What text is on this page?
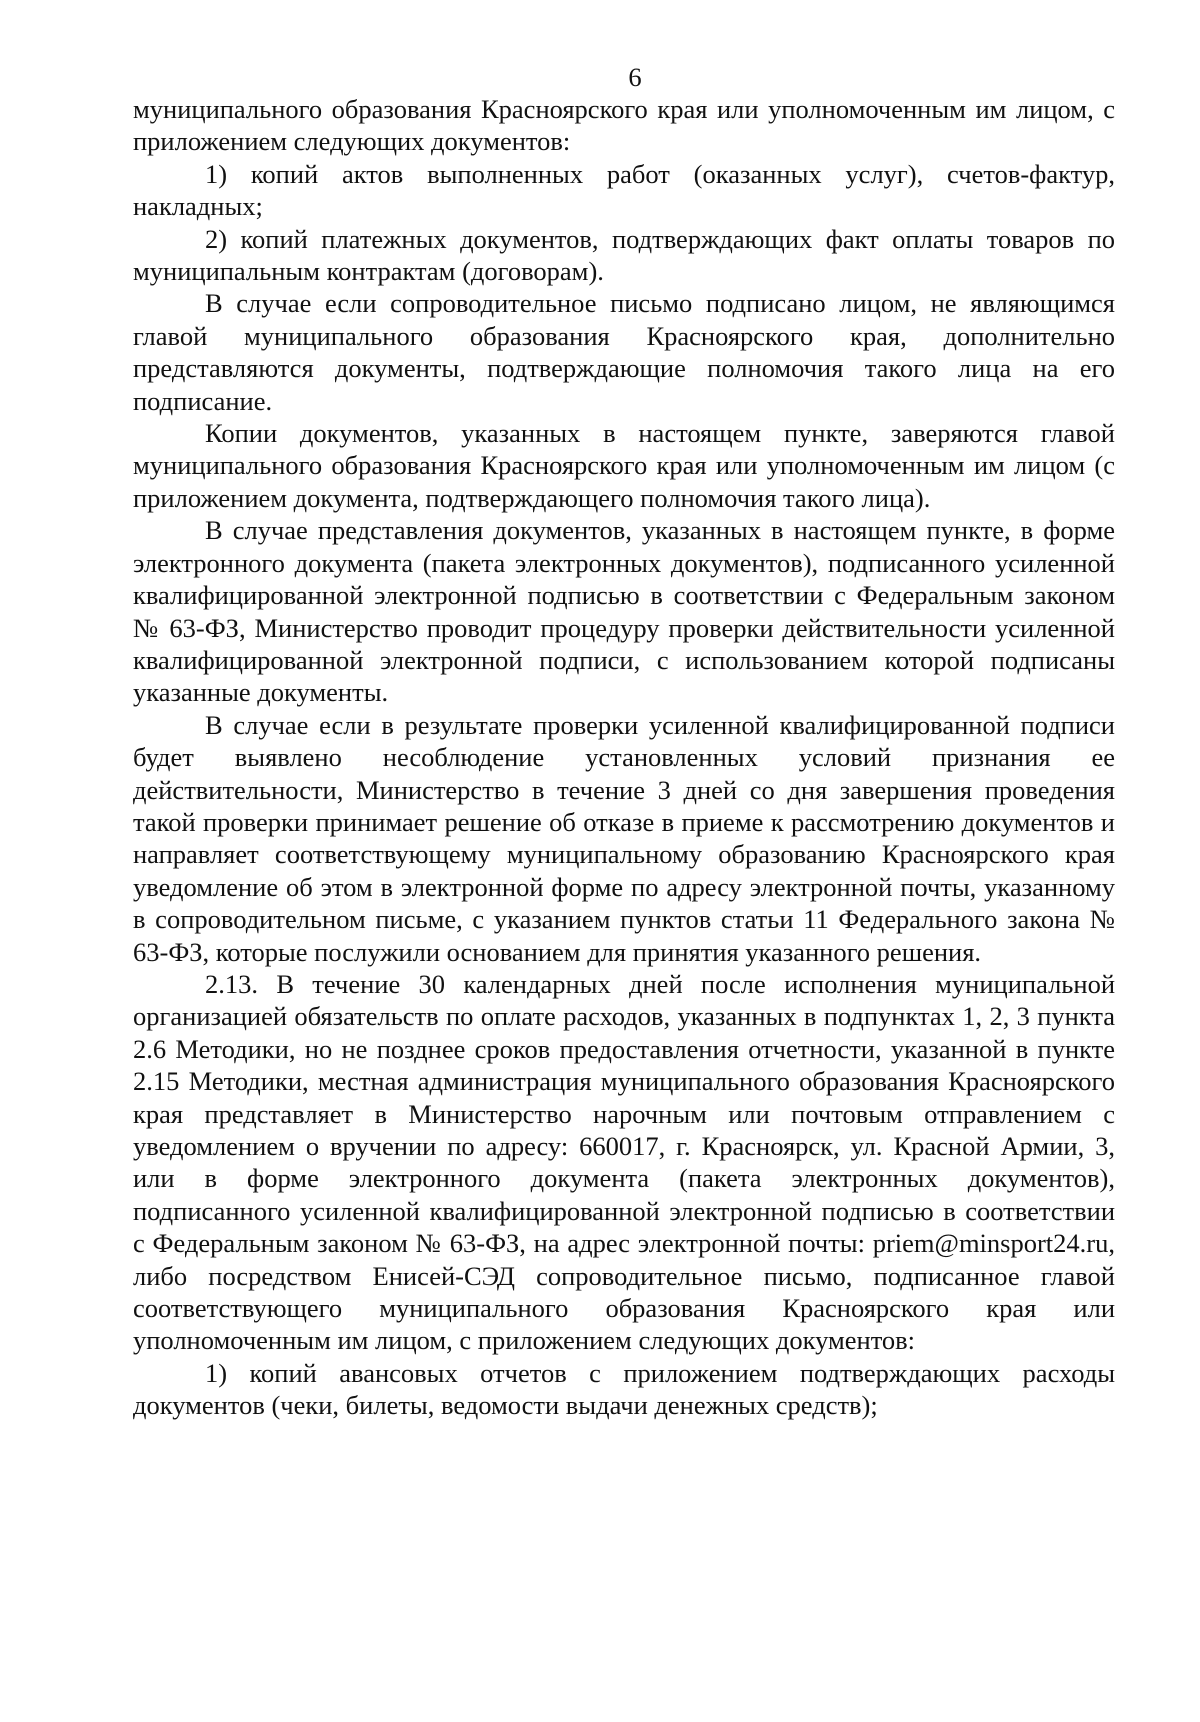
6

муниципального образования Красноярского края или уполномоченным им лицом, с приложением следующих документов:

1) копий актов выполненных работ (оказанных услуг), счетов-фактур, накладных;

2) копий платежных документов, подтверждающих факт оплаты товаров по муниципальным контрактам (договорам).

В случае если сопроводительное письмо подписано лицом, не являющимся главой муниципального образования Красноярского края, дополнительно представляются документы, подтверждающие полномочия такого лица на его подписание.

Копии документов, указанных в настоящем пункте, заверяются главой муниципального образования Красноярского края или уполномоченным им лицом (с приложением документа, подтверждающего полномочия такого лица).

В случае представления документов, указанных в настоящем пункте, в форме электронного документа (пакета электронных документов), подписанного усиленной квалифицированной электронной подписью в соответствии с Федеральным законом № 63-ФЗ, Министерство проводит процедуру проверки действительности усиленной квалифицированной электронной подписи, с использованием которой подписаны указанные документы.

В случае если в результате проверки усиленной квалифицированной подписи будет выявлено несоблюдение установленных условий признания ее действительности, Министерство в течение 3 дней со дня завершения проведения такой проверки принимает решение об отказе в приеме к рассмотрению документов и направляет соответствующему муниципальному образованию Красноярского края уведомление об этом в электронной форме по адресу электронной почты, указанному в сопроводительном письме, с указанием пунктов статьи 11 Федерального закона № 63-ФЗ, которые послужили основанием для принятия указанного решения.

2.13. В течение 30 календарных дней после исполнения муниципальной организацией обязательств по оплате расходов, указанных в подпунктах 1, 2, 3 пункта 2.6 Методики, но не позднее сроков предоставления отчетности, указанной в пункте 2.15 Методики, местная администрация муниципального образования Красноярского края представляет в Министерство нарочным или почтовым отправлением с уведомлением о вручении по адресу: 660017, г. Красноярск, ул. Красной Армии, 3, или в форме электронного документа (пакета электронных документов), подписанного усиленной квалифицированной электронной подписью в соответствии с Федеральным законом № 63-ФЗ, на адрес электронной почты: priem@minsport24.ru, либо посредством Енисей-СЭД сопроводительное письмо, подписанное главой соответствующего муниципального образования Красноярского края или уполномоченным им лицом, с приложением следующих документов:

1) копий авансовых отчетов с приложением подтверждающих расходы документов (чеки, билеты, ведомости выдачи денежных средств);
